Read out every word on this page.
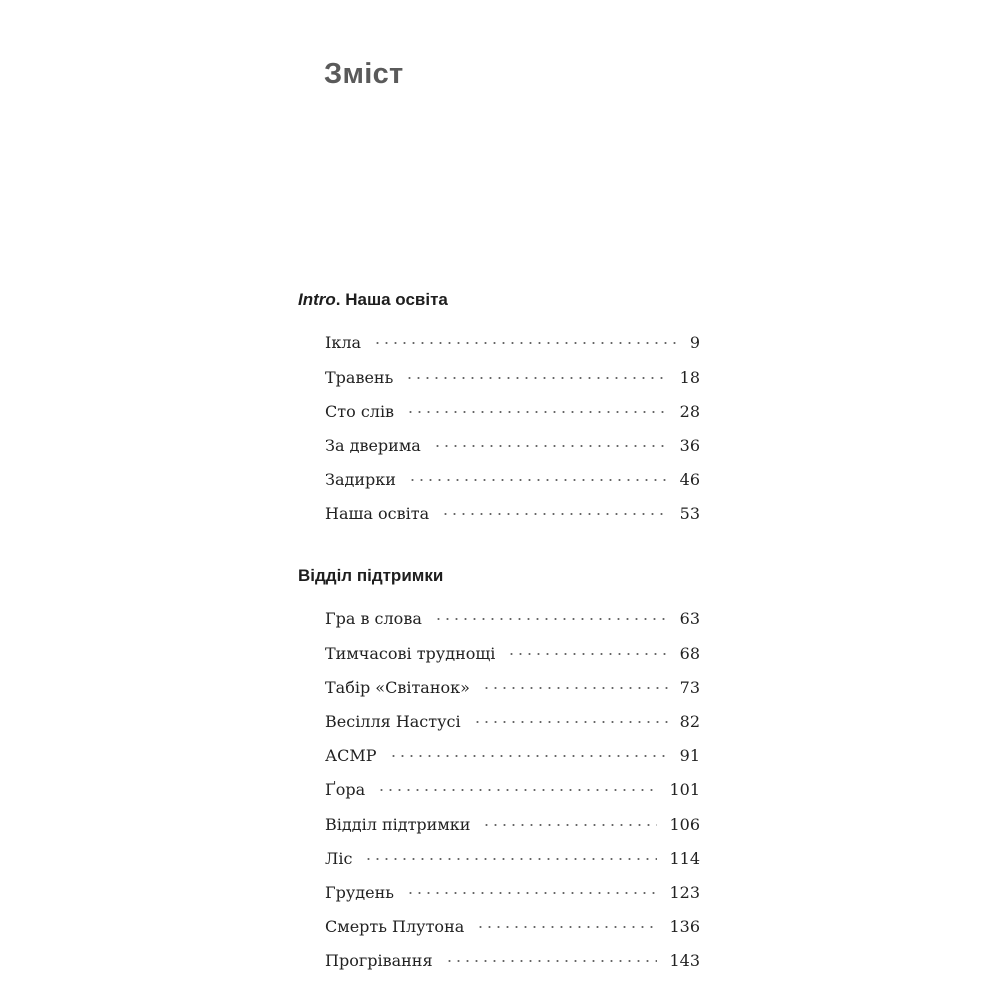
Зміст
Intro. Наша освіта
Ікла	9
Травень	18
Сто слів	28
За дверима	36
Задирки	46
Наша освіта	53
Відділ підтримки
Гра в слова	63
Тимчасові труднощі	68
Табір «Світанок»	73
Весілля Настусі	82
АСМР	91
Ґора	101
Відділ підтримки	106
Ліс	114
Грудень	123
Смерть Плутона	136
Прогрівання	143
